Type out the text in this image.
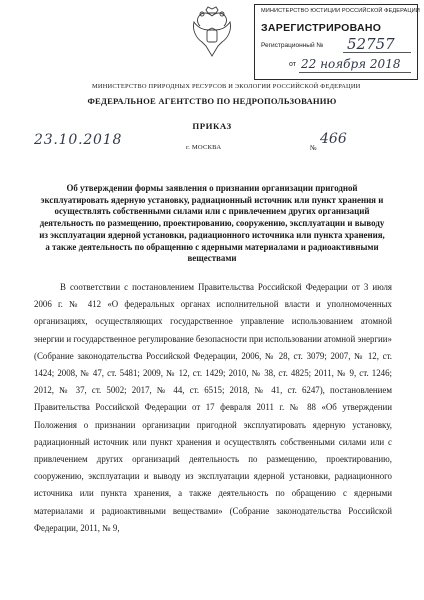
МИНИСТЕРСТВО ЮСТИЦИИ РОССИЙСКОЙ ФЕДЕРАЦИИ
ЗАРЕГИСТРИРОВАНО
Регистрационный № 52757
от 22 ноября 2018
МИНИСТЕРСТВО ПРИРОДНЫХ РЕСУРСОВ И ЭКОЛОГИИ РОССИЙСКОЙ ФЕДЕРАЦИИ
ФЕДЕРАЛЬНОЕ АГЕНТСТВО ПО НЕДРОПОЛЬЗОВАНИЮ
ПРИКАЗ
23.10.2018	г. МОСКВА	№
466
Об утверждении формы заявления о признании организации пригодной эксплуатировать ядерную установку, радиационный источник или пункт хранения и осуществлять собственными силами или с привлечением других организаций деятельность по размещению, проектированию, сооружению, эксплуатации и выводу из эксплуатации ядерной установки, радиационного источника или пункта хранения, а также деятельность по обращению с ядерными материалами и радиоактивными веществами

В соответствии с постановлением Правительства Российской Федерации от 3 июля 2006 г. № 412 «О федеральных органах исполнительной власти и уполномоченных организациях, осуществляющих государственное управление использованием атомной энергии и государственное регулирование безопасности при использовании атомной энергии» (Собрание законодательства Российской Федерации, 2006, № 28, ст. 3079; 2007, № 12, ст. 1424; 2008, № 47, ст. 5481; 2009, № 12, ст. 1429; 2010, № 38, ст. 4825; 2011, № 9, ст. 1246; 2012, № 37, ст. 5002; 2017, № 44, ст. 6515; 2018, № 41, ст. 6247), постановлением Правительства Российской Федерации от 17 февраля 2011 г. № 88 «Об утверждении Положения о признании организации пригодной эксплуатировать ядерную установку, радиационный источник или пункт хранения и осуществлять собственными силами или с привлечением других организаций деятельность по размещению, проектированию, сооружению, эксплуатации и выводу из эксплуатации ядерной установки, радиационного источника или пункта хранения, а также деятельность по обращению с ядерными материалами и радиоактивными веществами» (Собрание законодательства Российской Федерации, 2011, № 9,
